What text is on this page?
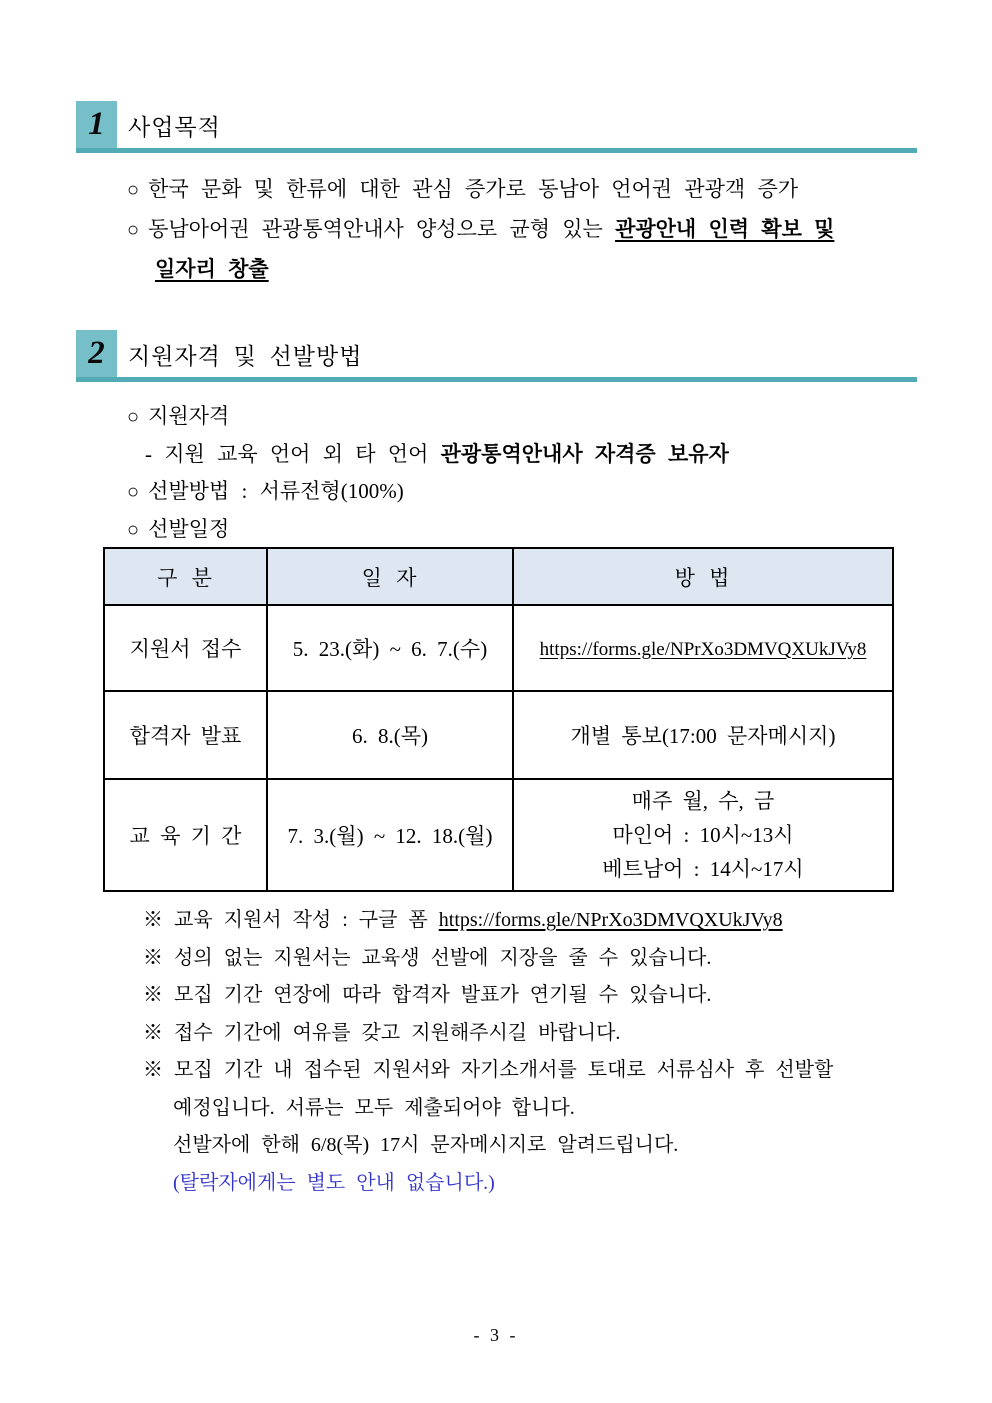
1	사업목적
○ 한국 문화 및 한류에 대한 관심 증가로 동남아 언어권 관광객 증가
○ 동남아어권 관광통역안내사 양성으로 균형 있는 관광안내 인력 확보 및
일자리 창출
2	지원자격 및 선발방법
○ 지원자격
- 지원 교육 언어 외 타 언어 관광통역안내사 자격증 보유자
○ 선발방법 : 서류전형(100%)
○ 선발일정
구 분	일 자	방 법
지원서 접수	5. 23.(화) ~ 6. 7.(수)	https://forms.gle/NPrXo3DMVQXUkJVy8
합격자 발표	6. 8.(목)	개별 통보(17:00 문자메시지)
교 육 기 간	7. 3.(월) ~ 12. 18.(월)	매주 월, 수, 금
마인어 : 10시~13시
베트남어 : 14시~17시
※ 교육 지원서 작성 : 구글 폼 https://forms.gle/NPrXo3DMVQXUkJVy8
※ 성의 없는 지원서는 교육생 선발에 지장을 줄 수 있습니다.
※ 모집 기간 연장에 따라 합격자 발표가 연기될 수 있습니다.
※ 접수 기간에 여유를 갖고 지원해주시길 바랍니다.
※ 모집 기간 내 접수된 지원서와 자기소개서를 토대로 서류심사 후 선발할
예정입니다. 서류는 모두 제출되어야 합니다.
선발자에 한해 6/8(목) 17시 문자메시지로 알려드립니다.
(탈락자에게는 별도 안내 없습니다.)
- 3 -
